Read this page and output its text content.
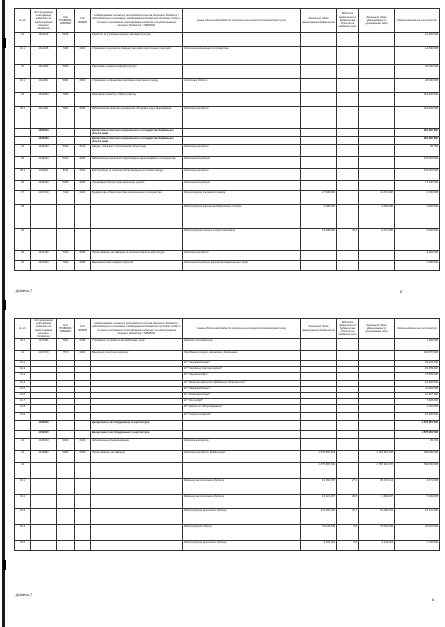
№ з/п	Код програмної класифікації видатків та кредитування місцевих бюджетів	Код ТПКВКМБ / ТКВКБМС	Код ФКВКБ	Найменування головного розпорядника коштів місцевого бюджету / відповідального виконавця, найменування бюджетної програми згідно з Типовою програмною класифікацією видатків та кредитування місцевих бюджетів / ТКВКБМС	Назва об'єкта відповідно до проектно-кошторисної документації тощо	Загальний обсяг фінансування будівництва	Відсоток завершеності будівництва об'єктів на майбутні роки	Загальний обсяг фінансування (з урахуванням змін)	Разом видатків на поточний рік
31	1112010	0815		Розвиток та утримання мережі закладів культури					12 000 000
31.1	1112015	7323	0490	Утримання та розвиток ліквідації наслідків підтоплення територій	Житлово-комунальне господарство				12 000 000
32	1112060	5060		Підтримка і розвиток інфраструктури					20 000 000
32.1	1112061	5061	0810	Утримання та фінансова підтримка спортивних споруд	Спортивні об'єкти				20 000 000
33	1512000	7360		Реалізація проектів у сфері розвитку					163 240 000
33.1	1112001	7361	0490	Забезпечення ініціатив громадських об'єднань щодо формування	Капітальні видатки				163 240 000
	1200000			Департамент житлово-комунального господарства Харківської міської ради					366 480 950
	1210000			Департамент житлово-комунального господарства Харківської міської ради					366 480 950
34	1216040	6040	0610	Заходи, пов'язані з поліпшенням питної води	Капітальні видатки				69 150
35	1216013	6013	0620	Забезпечення діяльності водопровідно-каналізаційного господарства	Капітальний ремонт				178 405 000
35.1	1216011	6011	0620	Експлуатація та технічне обслуговування житлового фонду	Капітальні видатки				178 405 000
36	1216030	6030	0620	Організація благоустрою населених пунктів	Капітальний ремонт				17 238 200
37	1217310	7310	0443	Будівництво об'єктів житлово-комунального господарства	Реконструкція та ремонт мереж	27 000 000		11 271 000	9 150 000
38					Реконструкція внутрішньобудинкових систем	2 000 000		2 000 000	2 000 000
39					Реконструкція очисних споруд каналізації	15 000 000	34,5	9 271 000	5 000 000
39	1217340	7340	0490	Проектування, реставрація та охорона пам'яток архітектури	Капітальні видатки				9 320 000
40	1217363	7363	0490	Виконання інвестиційних проектів	Капітальний ремонт внутрішньоквартальних доріг				2 500 000
Додаток 7	5
№ з/п	Код програмної класифікації видатків та кредитування місцевих бюджетів	Код ТПКВКМБ / ТКВКБМС	Код ФКВКБ	Найменування головного розпорядника коштів місцевого бюджету / відповідального виконавця, найменування бюджетної програми згідно з Типовою програмною класифікацією видатків та кредитування місцевих бюджетів / ТКВКБМС	Назва об'єкта відповідно до проектно-кошторисної документації тощо	Загальний обсяг фінансування будівництва	Відсоток завершеності будівництва об'єктів на майбутні роки	Загальний обсяг фінансування (з урахуванням змін)	Разом видатків на поточний рік
40.1	1217461	7461	0456	Утримання та розвиток автомобільних доріг	Дорожнє господарство				1 300 000
41	1217670	7670	0490	Внески до статутного капіталу	Придбання техніки, механізмів, обладнання				194 955 900
41.1					КП "Харківводоканал"				39 434 000
41.2					КП "Харківські теплові мережі"				29 459 000
41.3					КП "Харківгорліфт"				27 839 000
41.4					КП "Шляхове ремонтно-будівельне підприємство"				18 000 000
41.5					КП "Харківводоканал"				11 000 000
41.6					КП "Коменергосервіс"				12 997 900
41.7					КП "Житлобуд"				7 000 000
41.8					КП "Центр по обслуговуванню"				2 162 000
41.9					КП "Спецжитлофонд"				16 000 000
	1400000			Департамент містобудування та архітектури					1 578 954 500
	1410000			Департамент містобудування та архітектури					1 578 954 500
42	1416160	6160	0133	Забезпечення функціонування	Капітальні видатки				69 150
43	1416083	6083	0620	Проектування, реставрація	Капітальні видатки. Будівництво	1 878 965 843		1 765 304 155	700 000 000
43						1 878 965 843		1 765 304 155	700 000 000
43.1					Будівництво житлового будинку	19 382 976	27,1	35 272 214	4 371 000
43.2					Будівництво житлового будинку	19 414 497	30,8	1 396 467	5 309 688
43.3					Реконструкція житлового будинку	173 185 206	31,7	51 266 253	15 121 490
43.4					Реконструкція об'єкту	79 043 549	6,0	75 843 549	20 625 000
43.5					Реконструкція житлового будинку	4 193 119	6,0	4 193 119	1 720 000
Додаток 7
6
